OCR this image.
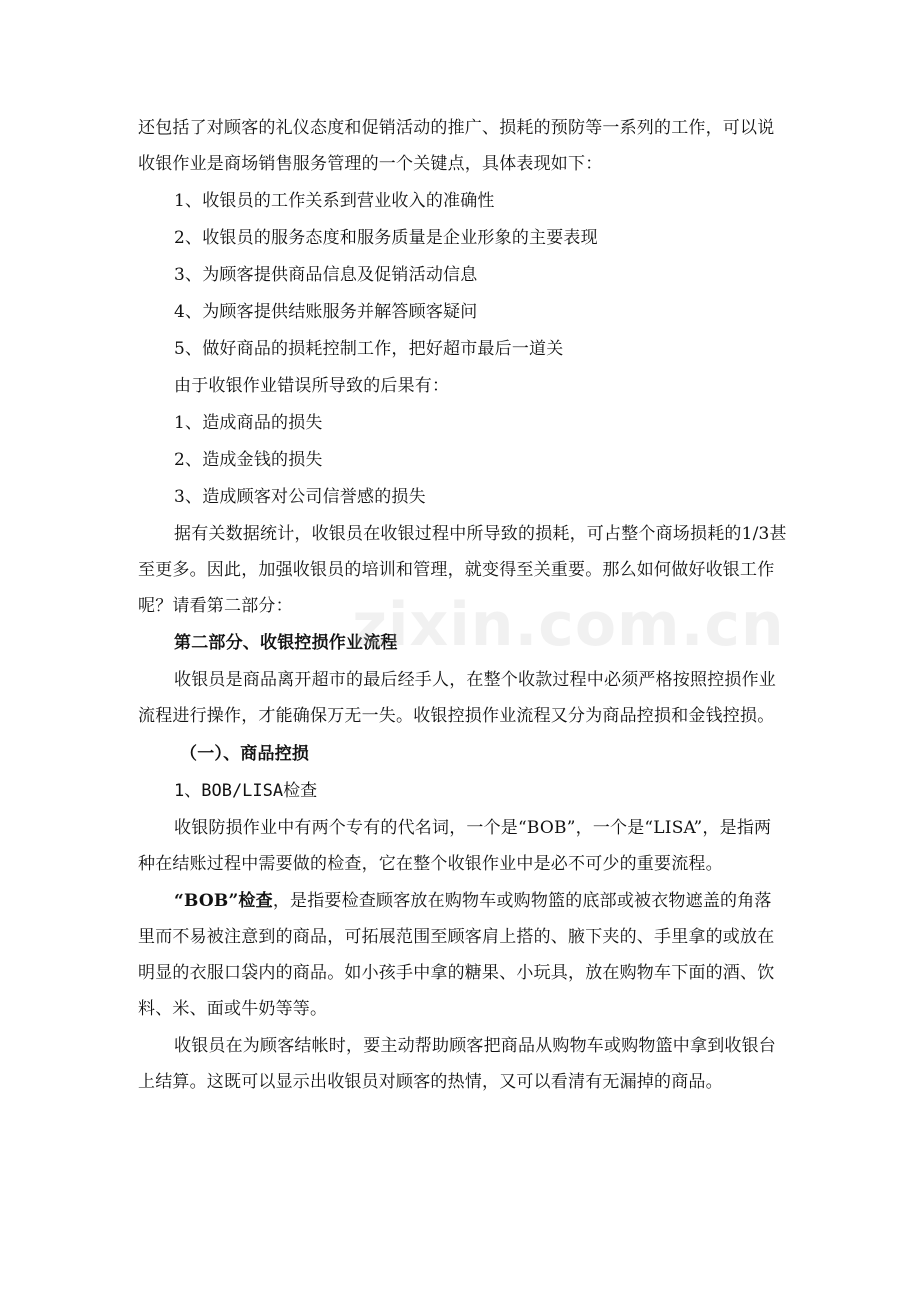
还包括了对顾客的礼仪态度和促销活动的推广、损耗的预防等一系列的工作，可以说收银作业是商场销售服务管理的一个关键点，具体表现如下：

1、收银员的工作关系到营业收入的准确性

2、收银员的服务态度和服务质量是企业形象的主要表现

3、为顾客提供商品信息及促销活动信息

4、为顾客提供结账服务并解答顾客疑问

5、做好商品的损耗控制工作，把好超市最后一道关

由于收银作业错误所导致的后果有：

1、造成商品的损失

2、造成金钱的损失

3、造成顾客对公司信誉感的损失

据有关数据统计，收银员在收银过程中所导致的损耗，可占整个商场损耗的1/3甚至更多。因此，加强收银员的培训和管理，就变得至关重要。那么如何做好收银工作呢？请看第二部分：

第二部分、收银控损作业流程

收银员是商品离开超市的最后经手人，在整个收款过程中必须严格按照控损作业流程进行操作，才能确保万无一失。收银控损作业流程又分为商品控损和金钱控损。

（一）、商品控损

1、BOB/LISA检查

收银防损作业中有两个专有的代名词，一个是“BOB”，一个是“LISA”，是指两种在结账过程中需要做的检查，它在整个收银作业中是必不可少的重要流程。

“BOB”检查，是指要检查顾客放在购物车或购物篮的底部或被衣物遮盖的角落里而不易被注意到的商品，可拓展范围至顾客肩上搭的、腋下夹的、手里拿的或放在明显的衣服口袋内的商品。如小孩手中拿的糖果、小玩具，放在购物车下面的酒、饮料、米、面或牛奶等等。

收银员在为顾客结帐时，要主动帮助顾客把商品从购物车或购物篮中拿到收银台上结算。这既可以显示出收银员对顾客的热情，又可以看清有无漏掉的商品。

zixin.com.cn
